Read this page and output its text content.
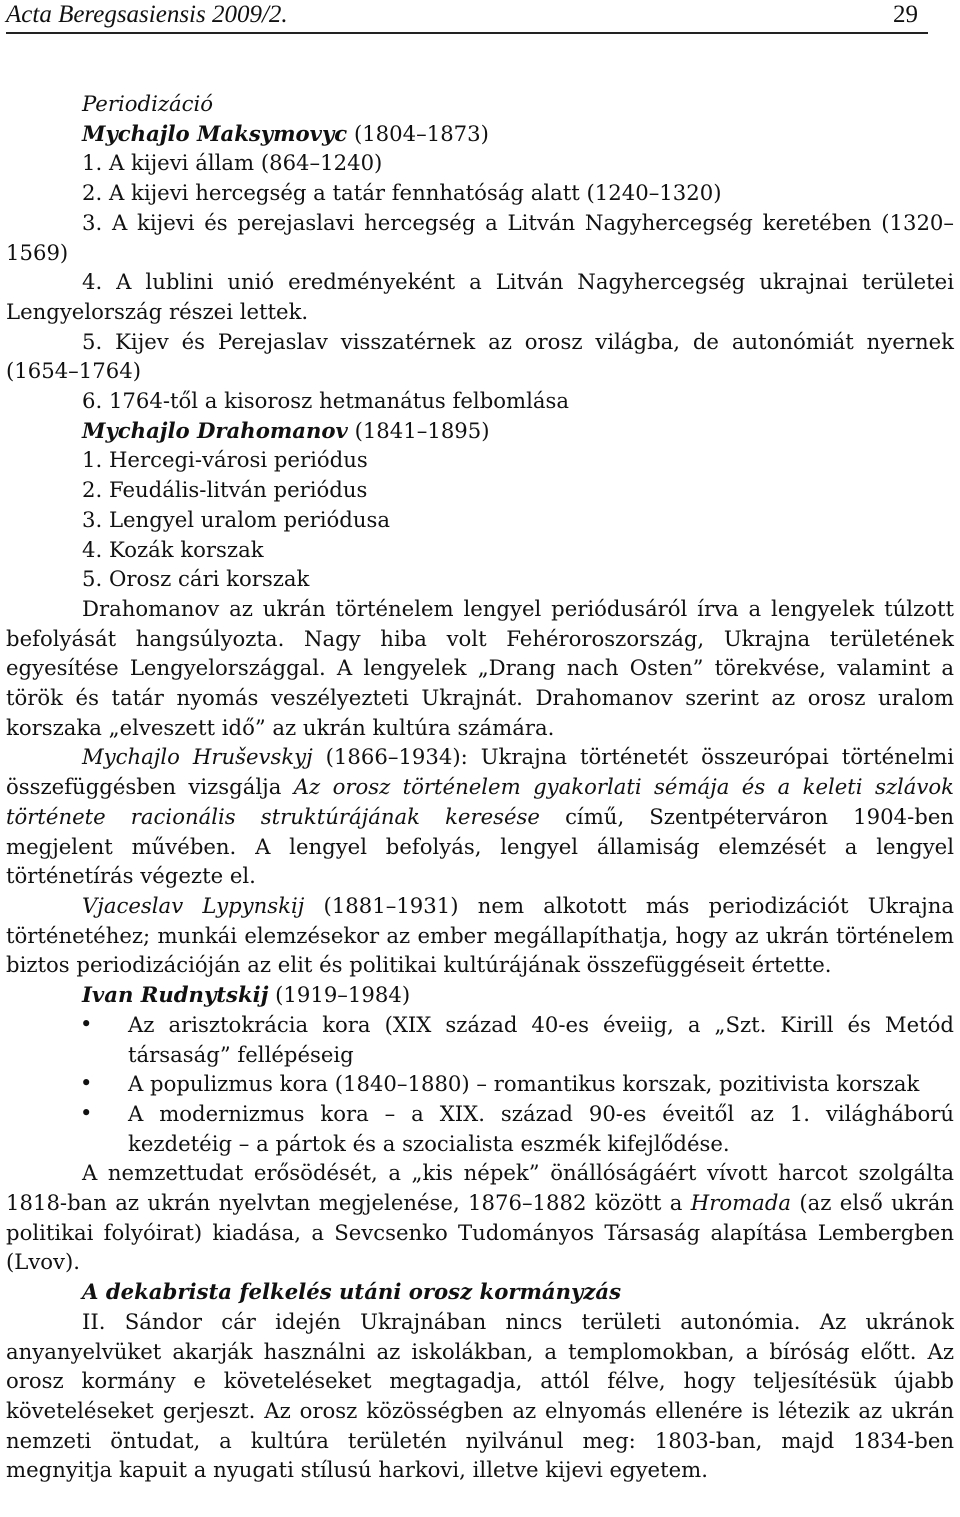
Acta Beregsasiensis 2009/2.	29

Periodizáció

Mychajlo Maksymovyc (1804–1873)

1. A kijevi állam (864–1240)

2. A kijevi hercegség a tatár fennhatóság alatt (1240–1320)

3. A kijevi és perejaslavi hercegség a Litván Nagyhercegség keretében (1320–1569)

4. A lublini unió eredményeként a Litván Nagyhercegség ukrajnai területei Lengyelország részei lettek.

5. Kijev és Perejaslav visszatérnek az orosz világba, de autonómiát nyernek (1654–1764)

6. 1764-től a kisorosz hetmanátus felbomlása

Mychajlo Drahomanov (1841–1895)

1. Hercegi-városi periódus

2. Feudális-litván periódus

3. Lengyel uralom periódusa

4. Kozák korszak

5. Orosz cári korszak

Drahomanov az ukrán történelem lengyel periódusáról írva a lengyelek túlzott befolyását hangsúlyozta. Nagy hiba volt Fehéroroszország, Ukrajna területének egyesítése Lengyelországgal. A lengyelek „Drang nach Osten” törekvése, valamint a török és tatár nyomás veszélyezteti Ukrajnát. Drahomanov szerint az orosz uralom korszaka „elveszett idő” az ukrán kultúra számára.

Mychajlo Hruševskyj (1866–1934): Ukrajna történetét összeurópai történelmi összefüggésben vizsgálja Az orosz történelem gyakorlati sémája és a keleti szlávok története racionális struktúrájának keresése című, Szentpéterváron 1904-ben megjelent művében. A lengyel befolyás, lengyel államiság elemzését a lengyel történetírás végezte el.

Vjaceslav Lypynskij (1881–1931) nem alkotott más periodizációt Ukrajna történetéhez; munkái elemzésekor az ember megállapíthatja, hogy az ukrán történelem biztos periodizációján az elit és politikai kultúrájának összefüggéseit értette.

Ivan Rudnytskij (1919–1984)

• Az arisztokrácia kora (XIX század 40-es éveiig, a „Szt. Kirill és Metód társaság” fellépéseig
• A populizmus kora (1840–1880) – romantikus korszak, pozitivista korszak
• A modernizmus kora – a XIX. század 90-es éveitől az 1. világháború kezdetéig – a pártok és a szocialista eszmék kifejlődése.

A nemzettudat erősödését, a „kis népek” önállóságáért vívott harcot szolgálta 1818-ban az ukrán nyelvtan megjelenése, 1876–1882 között a Hromada (az első ukrán politikai folyóirat) kiadása, a Sevcsenko Tudományos Társaság alapítása Lembergben (Lvov).

A dekabrista felkelés utáni orosz kormányzás

II. Sándor cár idején Ukrajnában nincs területi autonómia. Az ukránok anyanyelvüket akarják használni az iskolákban, a templomokban, a bíróság előtt. Az orosz kormány e követeléseket megtagadja, attól félve, hogy teljesítésük újabb követeléseket gerjeszt. Az orosz közösségben az elnyomás ellenére is létezik az ukrán nemzeti öntudat, a kultúra területén nyilvánul meg: 1803-ban, majd 1834-ben megnyitja kapuit a nyugati stílusú harkovi, illetve kijevi egyetem.
